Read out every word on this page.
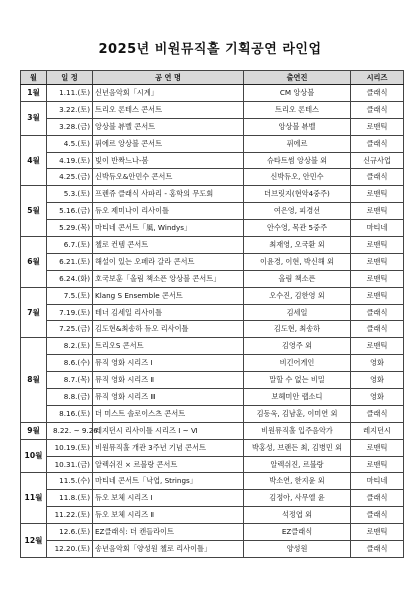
2025년 비원뮤직홀 기획공연 라인업
월	일 정	공 연 명	출연진	시리즈
1월	1.11.(토)	신년음악회「시계」	CM 앙상블	클래식
3월	3.22.(토)	트리오 론테스 콘서트	트리오 론테스	클래식
	3.28.(금)	앙상블 뷰벨 콘서트	앙상블 뷰벨	로맨틱
4월	4.5.(토)	퓌에르 앙상블 콘서트	퓌에르	클래식
	4.19.(토)	빛이 반짝느나-봄	슈타트썸 앙상블 외	신규사업
	4.25.(금)	신박듀오&안민수 콘서트	신박듀오, 안민수	클래식
5월	5.3.(토)	프렌쥬 클래식 사파리 - 홍학의 무도회	더브릿지(현악4중주)	로맨틱
	5.16.(금)	듀오 제미나이 리사이틀	여은영, 피경선	로맨틱
	5.29.(목)	마티네 콘서트「風, Windys」	안수영, 목관 5중주	마티네
6월	6.7.(토)	첼로 컨템 콘서트	최재영, 오국환 외	로맨틱
	6.21.(토)	해설이 있는 오페라 갈라 콘서트	이윤경, 이현, 박신해 외	로맨틱
	6.24.(화)	호국보훈「올림 책소픈 앙상블 콘서트」	올림 책소픈	로맨틱
7월	7.5.(토)	Klang S Ensemble 콘서트	오수진, 김한영 외	로맨틱
	7.19.(토)	테너 김세일 리사이틀	김세일	클래식
	7.25.(금)	김도현&최송하 듀오 리사이틀	김도현, 최송하	클래식
8월	8.2.(토)	트리오S 콘서트	김영주 외	로맨틱
	8.6.(수)	뮤직 영화 시리즈 Ⅰ	비긴어게인	영화
	8.7.(목)	뮤직 영화 시리즈 Ⅱ	말할 수 없는 비밀	영화
	8.8.(금)	뮤직 영화 시리즈 Ⅲ	보헤미안 랩소디	영화
	8.16.(토)	더 미스트 솔로이스츠 콘서트	김동욱, 김남훈, 이미연 외	클래식
9월	8.22. ~ 9.26.	레지던시 리사이틀 시리즈 Ⅰ ~ Ⅵ	비원뮤직홀 입주음악가	레지던시
10월	10.19.(토)	비원뮤직홀 개관 3주년 기념 콘서트	박홍성, 브랜든 최, 김병민 외	로맨틱
	10.31.(금)	알렉쉬진 × 르블랑 콘서트	알렉쉬진, 르블랑	로맨틱
11월	11.5.(수)	마티네 콘서트「낙엽, Strings」	박소연, 한지윤 외	마티네
	11.8.(토)	듀오 보체 시리즈 Ⅰ	김정아, 사무엘 윤	클래식
	11.22.(토)	듀오 보체 시리즈 Ⅱ	석정엽 외	클래식
12월	12.6.(토)	EZ클래식: 더 캔들라이트	EZ클래식	로맨틱
	12.20.(토)	송년음악회「양성원 첼로 리사이틀」	양성원	클래식
